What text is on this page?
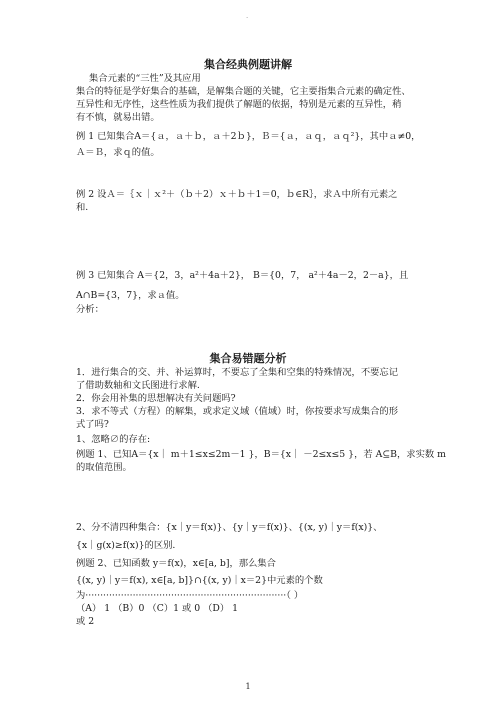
·
集合经典例题讲解
集合元素的“三性”及其应用
集合的特征是学好集合的基础，是解集合题的关键，它主要指集合元素的确定性、
互异性和无序性，这些性质为我们提供了解题的依据，特别是元素的互异性，稍
有不慎，就易出错。
例 1 已知集合A＝{ａ，ａ＋ｂ，ａ＋2ｂ}，Ｂ＝{ａ，ａｑ，ａｑ²}，其中ａ≠0，
Ａ＝Ｂ，求ｑ的值。
例 2 设Ａ＝｛ｘ｜ｘ²＋（ｂ＋2）ｘ＋ｂ＋1＝0，ｂ∈R｝，求Ａ中所有元素之
和.
例 3 已知集合 A＝{2，3，a²＋4a＋2}， B＝{0，7， a²＋4a－2，2－a}，且
A∩B={3，7}，求ａ值。
分析：
集合易错题分析
1．进行集合的交、并、补运算时，不要忘了全集和空集的特殊情况，不要忘记
了借助数轴和文氏图进行求解.
2．你会用补集的思想解决有关问题吗?
3．求不等式（方程）的解集，或求定义域（值域）时，你按要求写成集合的形
式了吗?
1、忽略∅的存在:
例题 1、已知A＝{x｜ m＋1≤x≤2m－1 }，B＝{x｜ －2≤x≤5 }，若 A⊆B，求实数 m
的取值范围。
2、分不清四种集合：{x｜y＝f(x)}、{y｜y＝f(x)}、{(x, y)｜y＝f(x)}、
{x｜g(x)≥f(x)}的区别.
例题 2、已知函数 y＝f(x)，x∈[a, b]，那么集合
{(x, y)｜y＝f(x), x∈[a, b]}∩{(x, y)｜x＝2}中元素的个数
为····································································（ ）
（A） 1 （B）0 （C）1 或 0 （D） 1
或 2
1
